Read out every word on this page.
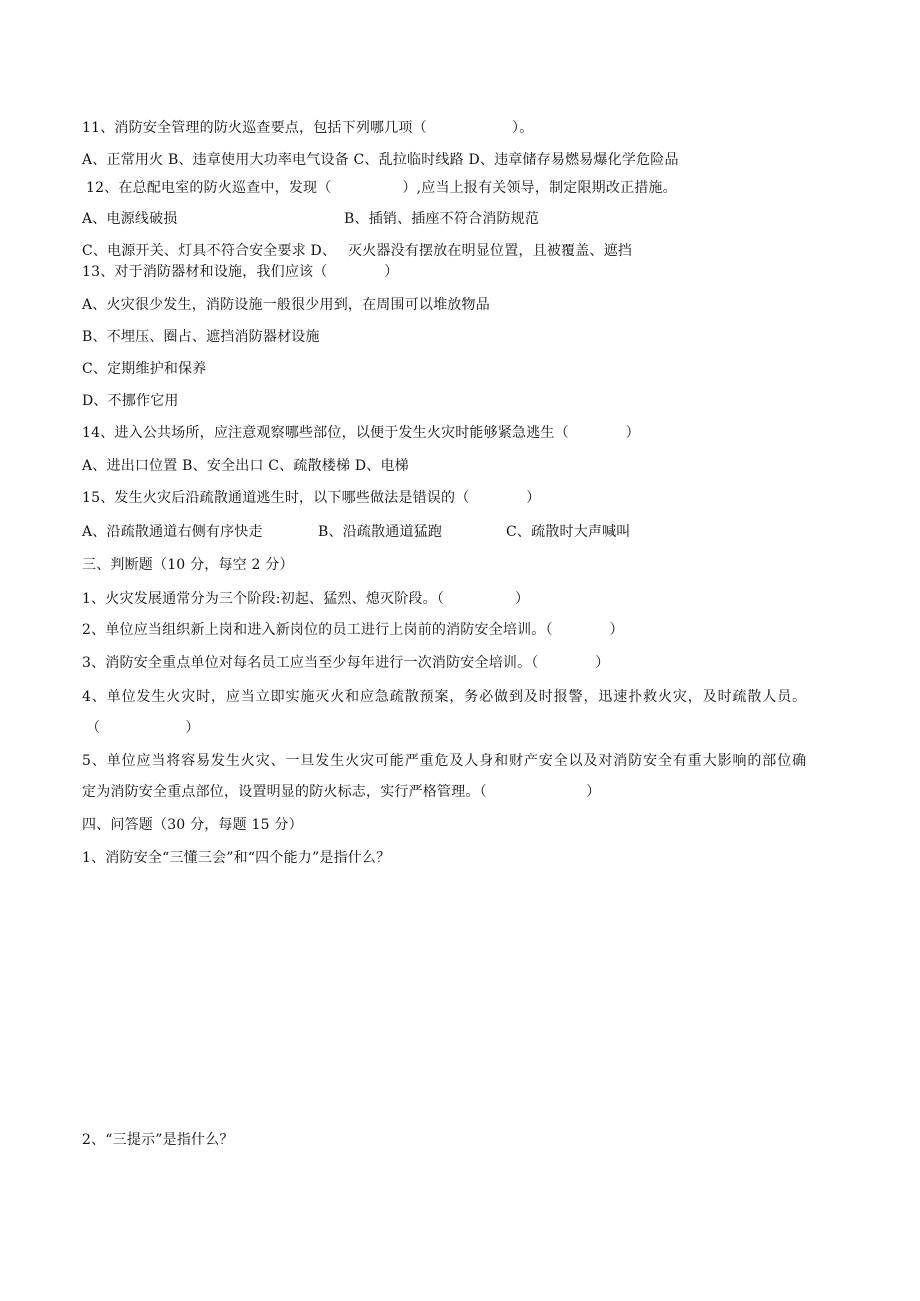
11、消防安全管理的防火巡查要点，包括下列哪几项（　　　　　　）。

A、正常用火 B、违章使用大功率电气设备 C、乱拉临时线路 D、违章储存易燃易爆化学危险品

12、在总配电室的防火巡查中，发现（　　　　　）,应当上报有关领导，制定限期改正措施。

A、电源线破损	B、插销、插座不符合消防规范

C、电源开关、灯具不符合安全要求 D、　 灭火器没有摆放在明显位置，且被覆盖、遮挡

13、对于消防器材和设施，我们应该（　　　　）

A、火灾很少发生，消防设施一般很少用到，在周围可以堆放物品

B、不埋压、圈占、遮挡消防器材设施

C、定期维护和保养

D、不挪作它用

14、进入公共场所，应注意观察哪些部位，以便于发生火灾时能够紧急逃生（　　　　）

A、进出口位置 B、安全出口 C、疏散楼梯 D、电梯

15、发生火灾后沿疏散通道逃生时，以下哪些做法是错误的（　　　　）

A、沿疏散通道右侧有序快走	B、沿疏散通道猛跑	C、疏散时大声喊叫

三、判断题（10 分，每空 2 分）

1、火灾发展通常分为三个阶段:初起、猛烈、熄灭阶段。（　　　　　）

2、单位应当组织新上岗和进入新岗位的员工进行上岗前的消防安全培训。（　　　　）

3、消防安全重点单位对每名员工应当至少每年进行一次消防安全培训。（　　　　）

4、单位发生火灾时，应当立即实施灭火和应急疏散预案，务必做到及时报警，迅速扑救火灾，及时疏散人员。

（　　　　　　）

5、单位应当将容易发生火灾、一旦发生火灾可能严重危及人身和财产安全以及对消防安全有重大影响的部位确

定为消防安全重点部位，设置明显的防火标志，实行严格管理。（　　　　　　　）

四、问答题（30 分，每题 15 分）

1、消防安全“三懂三会”和“四个能力”是指什么？

2、“三提示”是指什么？
